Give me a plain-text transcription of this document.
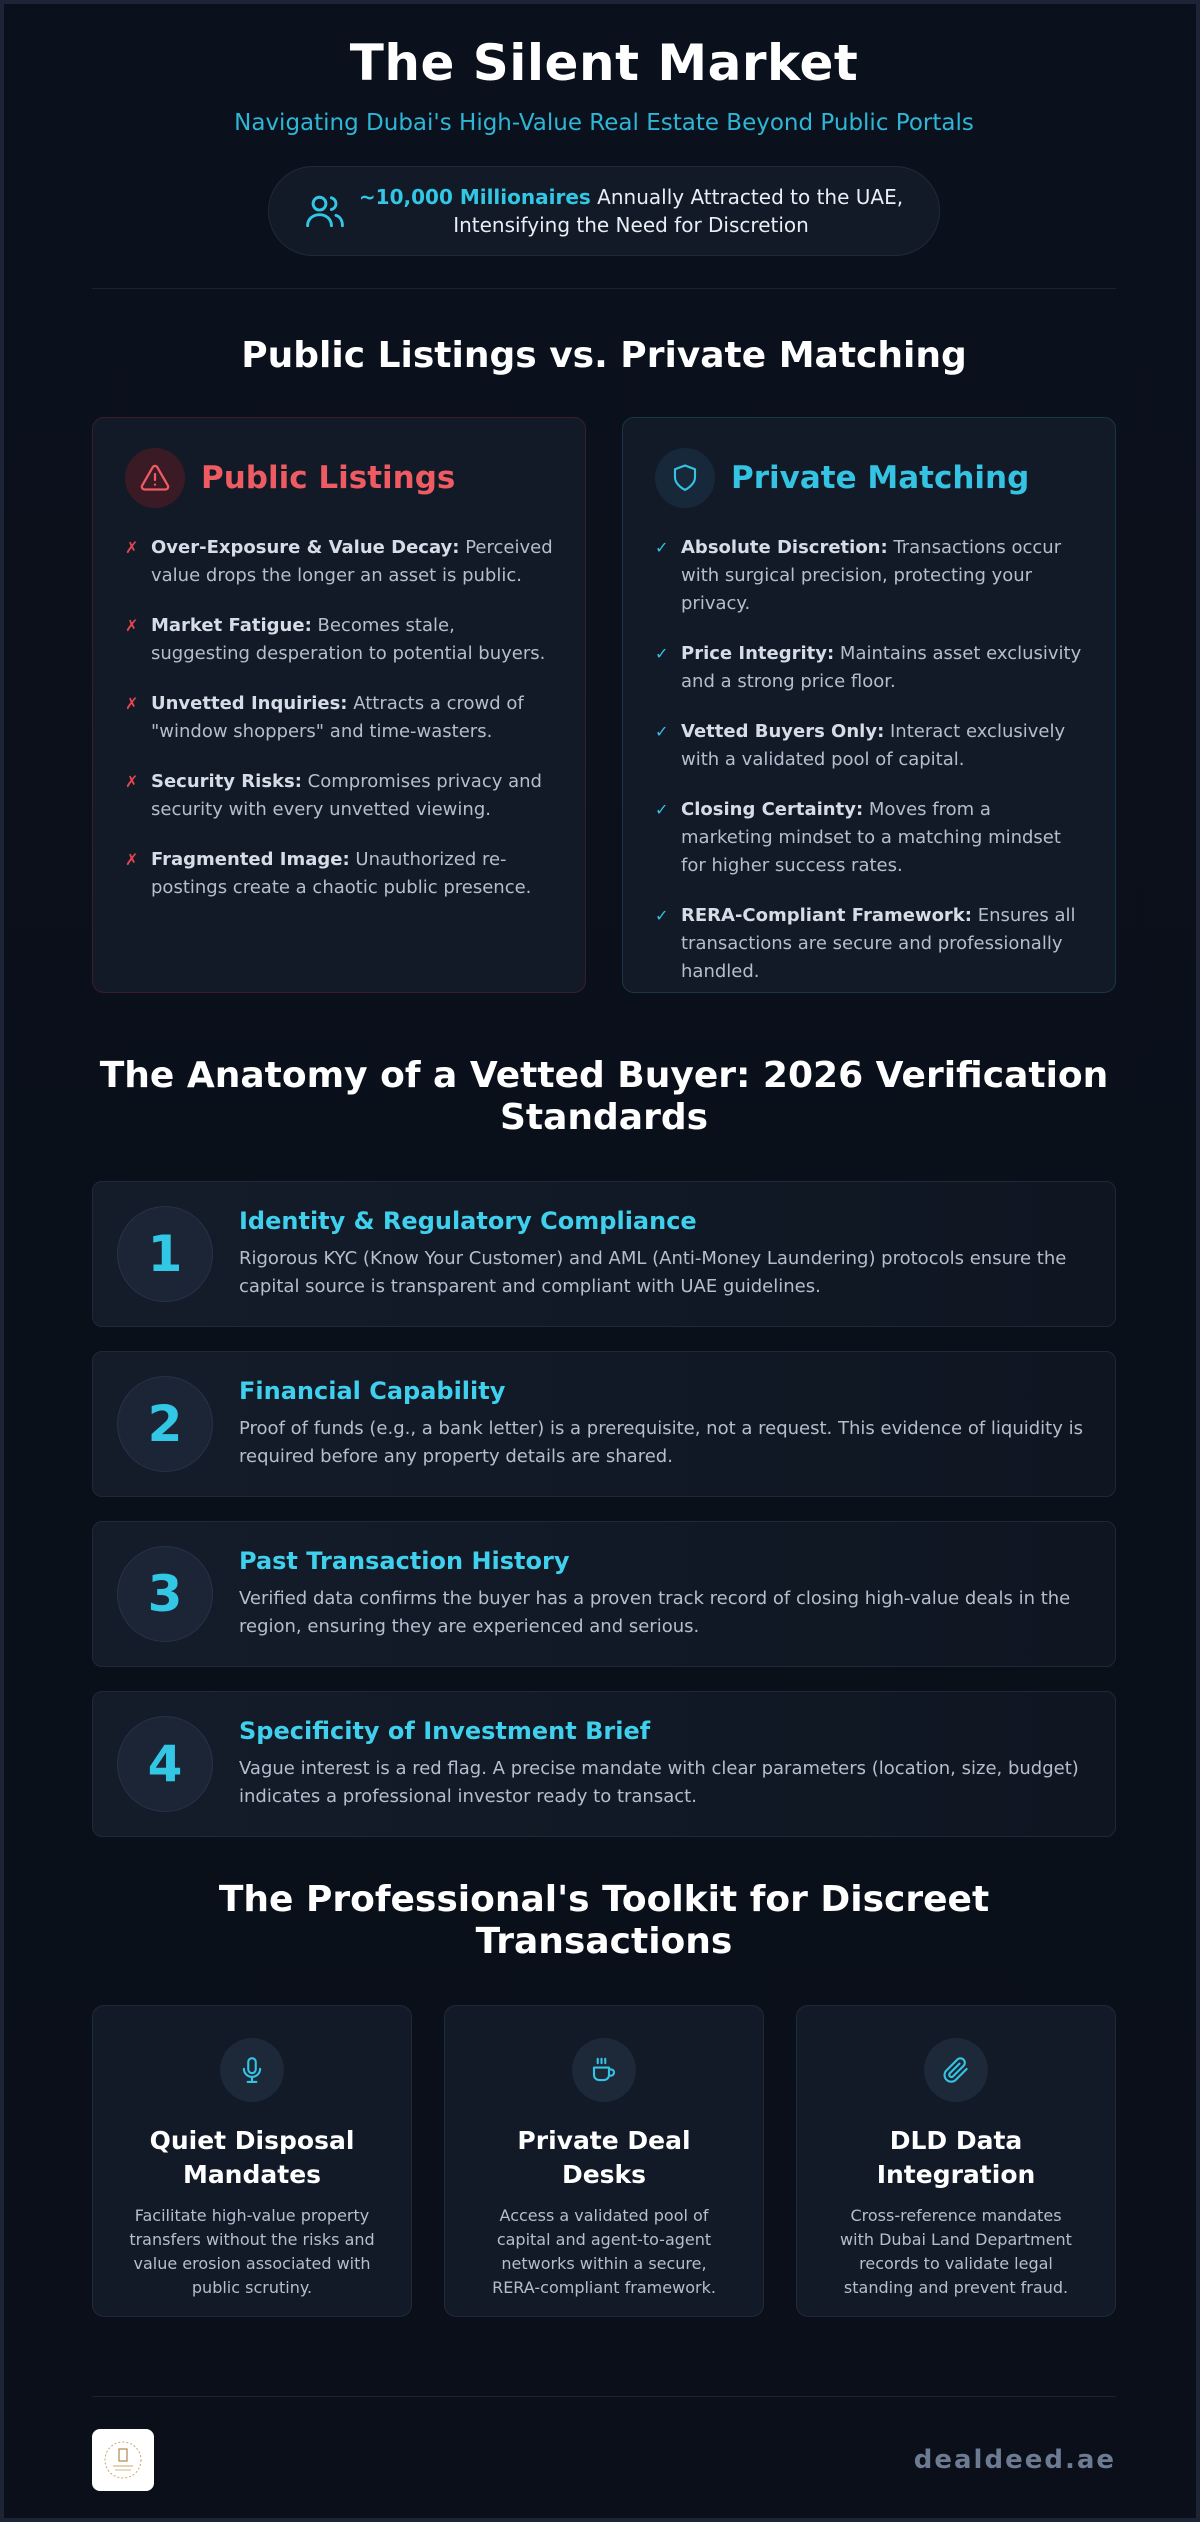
The Silent Market
Navigating Dubai's High-Value Real Estate Beyond Public Portals
~10,000 Millionaires Annually Attracted to the UAE,
Intensifying the Need for Discretion
Public Listings vs. Private Matching
Public Listings
✗ Over-Exposure & Value Decay: Perceived value drops the longer an asset is public.
✗ Market Fatigue: Becomes stale, suggesting desperation to potential buyers.
✗ Unvetted Inquiries: Attracts a crowd of "window shoppers" and time-wasters.
✗ Security Risks: Compromises privacy and security with every unvetted viewing.
✗ Fragmented Image: Unauthorized re-postings create a chaotic public presence.
Private Matching
✓ Absolute Discretion: Transactions occur with surgical precision, protecting your privacy.
✓ Price Integrity: Maintains asset exclusivity and a strong price floor.
✓ Vetted Buyers Only: Interact exclusively with a validated pool of capital.
✓ Closing Certainty: Moves from a marketing mindset to a matching mindset for higher success rates.
✓ RERA-Compliant Framework: Ensures all transactions are secure and professionally handled.
The Anatomy of a Vetted Buyer: 2026 Verification Standards
1
Identity & Regulatory Compliance
Rigorous KYC (Know Your Customer) and AML (Anti-Money Laundering) protocols ensure the capital source is transparent and compliant with UAE guidelines.
2
Financial Capability
Proof of funds (e.g., a bank letter) is a prerequisite, not a request. This evidence of liquidity is required before any property details are shared.
3
Past Transaction History
Verified data confirms the buyer has a proven track record of closing high-value deals in the region, ensuring they are experienced and serious.
4
Specificity of Investment Brief
Vague interest is a red flag. A precise mandate with clear parameters (location, size, budget) indicates a professional investor ready to transact.
The Professional's Toolkit for Discreet Transactions
Quiet Disposal Mandates
Facilitate high-value property transfers without the risks and value erosion associated with public scrutiny.
Private Deal Desks
Access a validated pool of capital and agent-to-agent networks within a secure, RERA-compliant framework.
DLD Data Integration
Cross-reference mandates with Dubai Land Department records to validate legal standing and prevent fraud.
dealdeed.ae
